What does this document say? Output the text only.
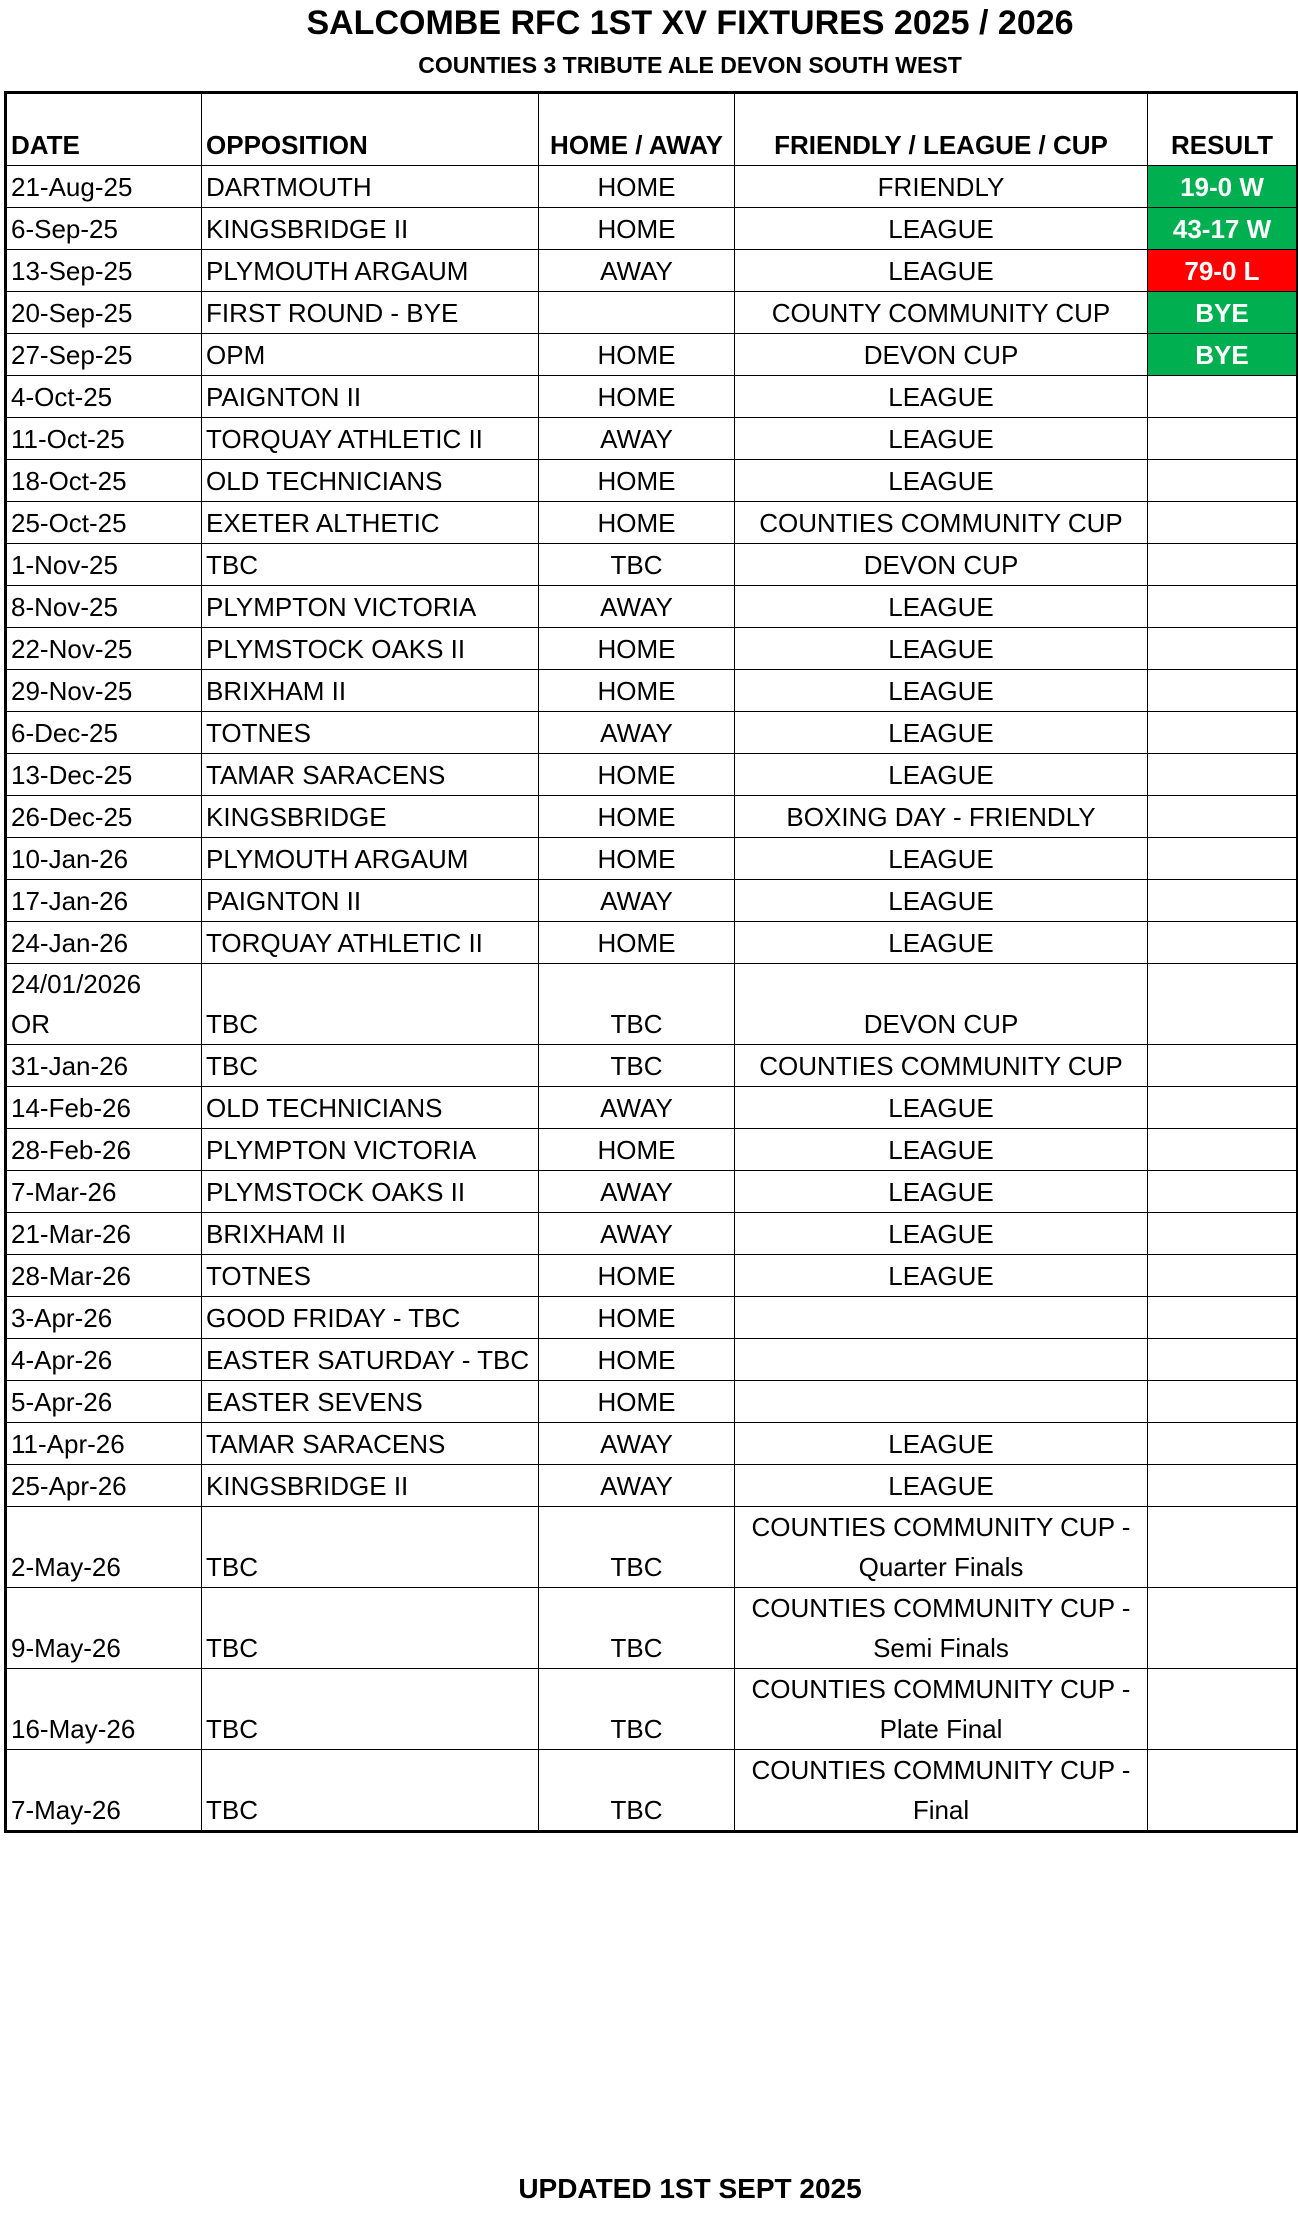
SALCOMBE RFC 1ST XV FIXTURES 2025 / 2026
COUNTIES 3 TRIBUTE ALE DEVON SOUTH WEST
DATE	OPPOSITION	HOME / AWAY	FRIENDLY / LEAGUE / CUP	RESULT
21-Aug-25	DARTMOUTH	HOME	FRIENDLY	19-0 W
6-Sep-25	KINGSBRIDGE II	HOME	LEAGUE	43-17 W
13-Sep-25	PLYMOUTH ARGAUM	AWAY	LEAGUE	79-0 L
20-Sep-25	FIRST ROUND - BYE		COUNTY COMMUNITY CUP	BYE
27-Sep-25	OPM	HOME	DEVON CUP	BYE
4-Oct-25	PAIGNTON II	HOME	LEAGUE	
11-Oct-25	TORQUAY ATHLETIC II	AWAY	LEAGUE	
18-Oct-25	OLD TECHNICIANS	HOME	LEAGUE	
25-Oct-25	EXETER ALTHETIC	HOME	COUNTIES COMMUNITY CUP	
1-Nov-25	TBC	TBC	DEVON CUP	
8-Nov-25	PLYMPTON VICTORIA	AWAY	LEAGUE	
22-Nov-25	PLYMSTOCK OAKS II	HOME	LEAGUE	
29-Nov-25	BRIXHAM II	HOME	LEAGUE	
6-Dec-25	TOTNES	AWAY	LEAGUE	
13-Dec-25	TAMAR SARACENS	HOME	LEAGUE	
26-Dec-25	KINGSBRIDGE	HOME	BOXING DAY - FRIENDLY	
10-Jan-26	PLYMOUTH ARGAUM	HOME	LEAGUE	
17-Jan-26	PAIGNTON II	AWAY	LEAGUE	
24-Jan-26	TORQUAY ATHLETIC II	HOME	LEAGUE	

24/01/2026
OR	TBC	TBC	DEVON CUP	

31-Jan-26	TBC	TBC	COUNTIES COMMUNITY CUP	
14-Feb-26	OLD TECHNICIANS	AWAY	LEAGUE	
28-Feb-26	PLYMPTON VICTORIA	HOME	LEAGUE	
7-Mar-26	PLYMSTOCK OAKS II	AWAY	LEAGUE	
21-Mar-26	BRIXHAM II	AWAY	LEAGUE	
28-Mar-26	TOTNES	HOME	LEAGUE	
3-Apr-26	GOOD FRIDAY - TBC	HOME		
4-Apr-26	EASTER SATURDAY - TBC	HOME		
5-Apr-26	EASTER SEVENS	HOME		
11-Apr-26	TAMAR SARACENS	AWAY	LEAGUE	
25-Apr-26	KINGSBRIDGE II	AWAY	LEAGUE	

2-May-26	TBC	TBC	COUNTIES COMMUNITY CUP -
Quarter Finals	

9-May-26	TBC	TBC	COUNTIES COMMUNITY CUP -
Semi Finals	

16-May-26	TBC	TBC	COUNTIES COMMUNITY CUP -
Plate Final	

7-May-26	TBC	TBC	COUNTIES COMMUNITY CUP -
Final	

UPDATED 1ST SEPT 2025
